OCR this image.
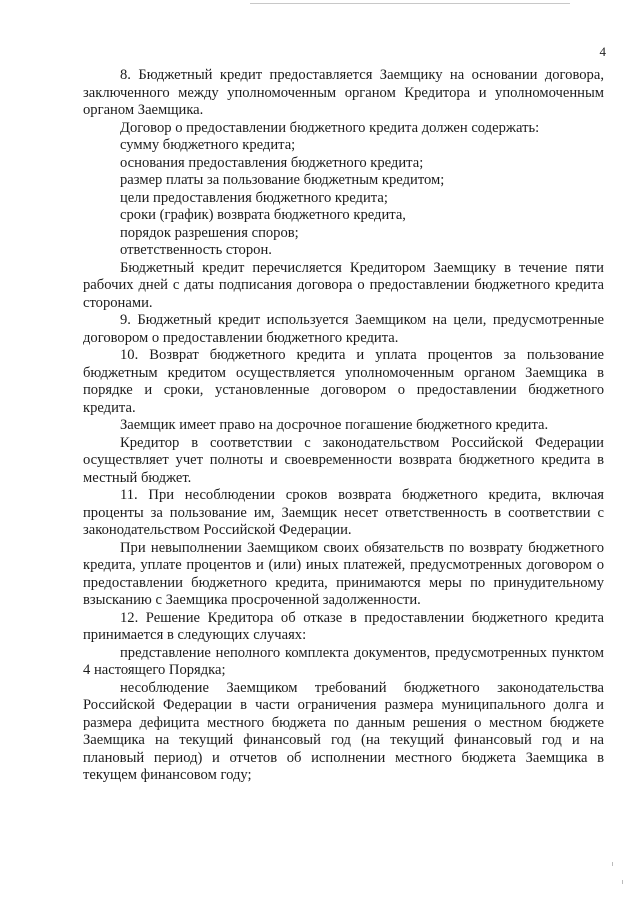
4

8. Бюджетный кредит предоставляется Заемщику на основании договора, заключенного между уполномоченным органом Кредитора и уполномоченным органом Заемщика.

Договор о предоставлении бюджетного кредита должен содержать:

сумму бюджетного кредита;

основания предоставления бюджетного кредита;

размер платы за пользование бюджетным кредитом;

цели предоставления бюджетного кредита;

сроки (график) возврата бюджетного кредита,

порядок разрешения споров;

ответственность сторон.

Бюджетный кредит перечисляется Кредитором Заемщику в течение пяти рабочих дней с даты подписания договора о предоставлении бюджетного кредита сторонами.

9. Бюджетный кредит используется Заемщиком на цели, предусмотренные договором о предоставлении бюджетного кредита.

10. Возврат бюджетного кредита и уплата процентов за пользование бюджетным кредитом осуществляется уполномоченным органом Заемщика в порядке и сроки, установленные договором о предоставлении бюджетного кредита.

Заемщик имеет право на досрочное погашение бюджетного кредита.

Кредитор в соответствии с законодательством Российской Федерации осуществляет учет полноты и своевременности возврата бюджетного кредита в местный бюджет.

11. При несоблюдении сроков возврата бюджетного кредита, включая проценты за пользование им, Заемщик несет ответственность в соответствии с законодательством Российской Федерации.

При невыполнении Заемщиком своих обязательств по возврату бюджетного кредита, уплате процентов и (или) иных платежей, предусмотренных договором о предоставлении бюджетного кредита, принимаются меры по принудительному взысканию с Заемщика просроченной задолженности.

12. Решение Кредитора об отказе в предоставлении бюджетного кредита принимается в следующих случаях:

представление неполного комплекта документов, предусмотренных пунктом 4 настоящего Порядка;

несоблюдение Заемщиком требований бюджетного законодательства Российской Федерации в части ограничения размера муниципального долга и размера дефицита местного бюджета по данным решения о местном бюджете Заемщика на текущий финансовый год (на текущий финансовый год и на плановый период) и отчетов об исполнении местного бюджета Заемщика в текущем финансовом году;
